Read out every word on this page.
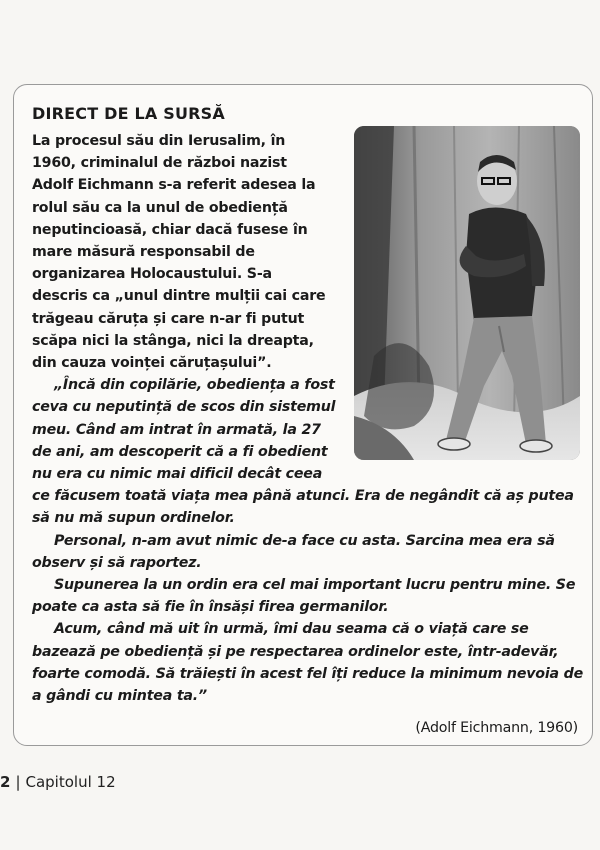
DIRECT DE LA SURSĂ

La procesul său din Ierusalim, în 1960, criminalul de război nazist Adolf Eichmann s-a referit adesea la rolul său ca la unul de obediență neputincioasă, chiar dacă fusese în mare măsură responsabil de organizarea Holocaustului. S-a descris ca „unul dintre mulții cai care trăgeau căruța și care n-ar fi putut scăpa nici la stânga, nici la dreapta, din cauza voinței căruțașului”.

„Încă din copilărie, obediența a fost ceva cu neputință de scos din sistemul meu. Când am intrat în armată, la 27 de ani, am descoperit că a fi obedient nu era cu nimic mai dificil decât ceea ce făcusem toată viața mea până atunci. Era de negândit că aș putea să nu mă supun ordinelor.

Personal, n-am avut nimic de-a face cu asta. Sarcina mea era să observ și să raportez.

Supunerea la un ordin era cel mai important lucru pentru mine. Se poate ca asta să fie în însăși firea germanilor.

Acum, când mă uit în urmă, îmi dau seama că o viață care se bazează pe obediență și pe respectarea ordinelor este, într-adevăr, foarte comodă. Să trăiești în acest fel îți reduce la minimum nevoia de a gândi cu mintea ta.”

(Adolf Eichmann, 1960)

2 | Capitolul 12
